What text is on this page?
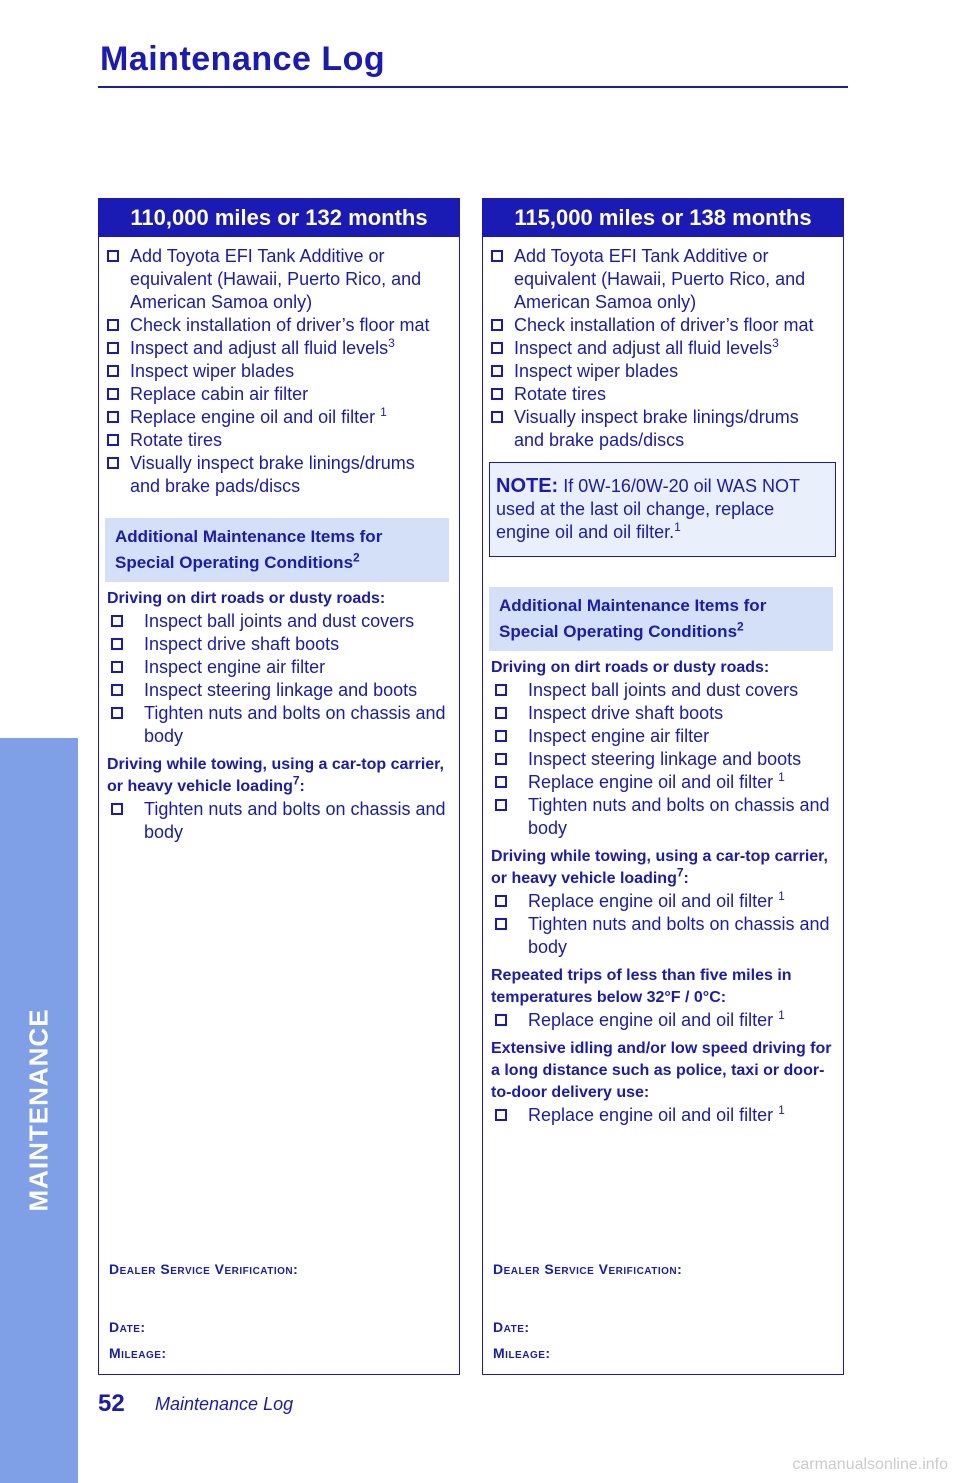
Maintenance Log
MAINTENANCE
110,000 miles or 132 months
Add Toyota EFI Tank Additive or equivalent (Hawaii, Puerto Rico, and American Samoa only)
Check installation of driver’s floor mat
Inspect and adjust all fluid levels$^3$
Inspect wiper blades
Replace cabin air filter
Replace engine oil and oil filter $^1$
Rotate tires
Visually inspect brake linings/drums and brake pads/discs
Additional Maintenance Items for Special Operating Conditions$^2$
Driving on dirt roads or dusty roads:
Inspect ball joints and dust covers
Inspect drive shaft boots
Inspect engine air filter
Inspect steering linkage and boots
Tighten nuts and bolts on chassis and body
Driving while towing, using a car-top carrier, or heavy vehicle loading$^7$:
Tighten nuts and bolts on chassis and body
Dealer Service Verification:
Date:
Mileage:
115,000 miles or 138 months
Add Toyota EFI Tank Additive or equivalent (Hawaii, Puerto Rico, and American Samoa only)
Check installation of driver’s floor mat
Inspect and adjust all fluid levels$^3$
Inspect wiper blades
Rotate tires
Visually inspect brake linings/drums and brake pads/discs
NOTE: If 0W-16/0W-20 oil WAS NOT used at the last oil change, replace engine oil and oil filter.$^1$
Additional Maintenance Items for Special Operating Conditions$^2$
Driving on dirt roads or dusty roads:
Inspect ball joints and dust covers
Inspect drive shaft boots
Inspect engine air filter
Inspect steering linkage and boots
Replace engine oil and oil filter $^1$
Tighten nuts and bolts on chassis and body
Driving while towing, using a car-top carrier, or heavy vehicle loading$^7$:
Replace engine oil and oil filter $^1$
Tighten nuts and bolts on chassis and body
Repeated trips of less than five miles in temperatures below 32°F / 0°C:
Replace engine oil and oil filter $^1$
Extensive idling and/or low speed driving for a long distance such as police, taxi or door-to-door delivery use:
Replace engine oil and oil filter $^1$
Dealer Service Verification:
Date:
Mileage:
52 Maintenance Log
carmanualsonline.info
